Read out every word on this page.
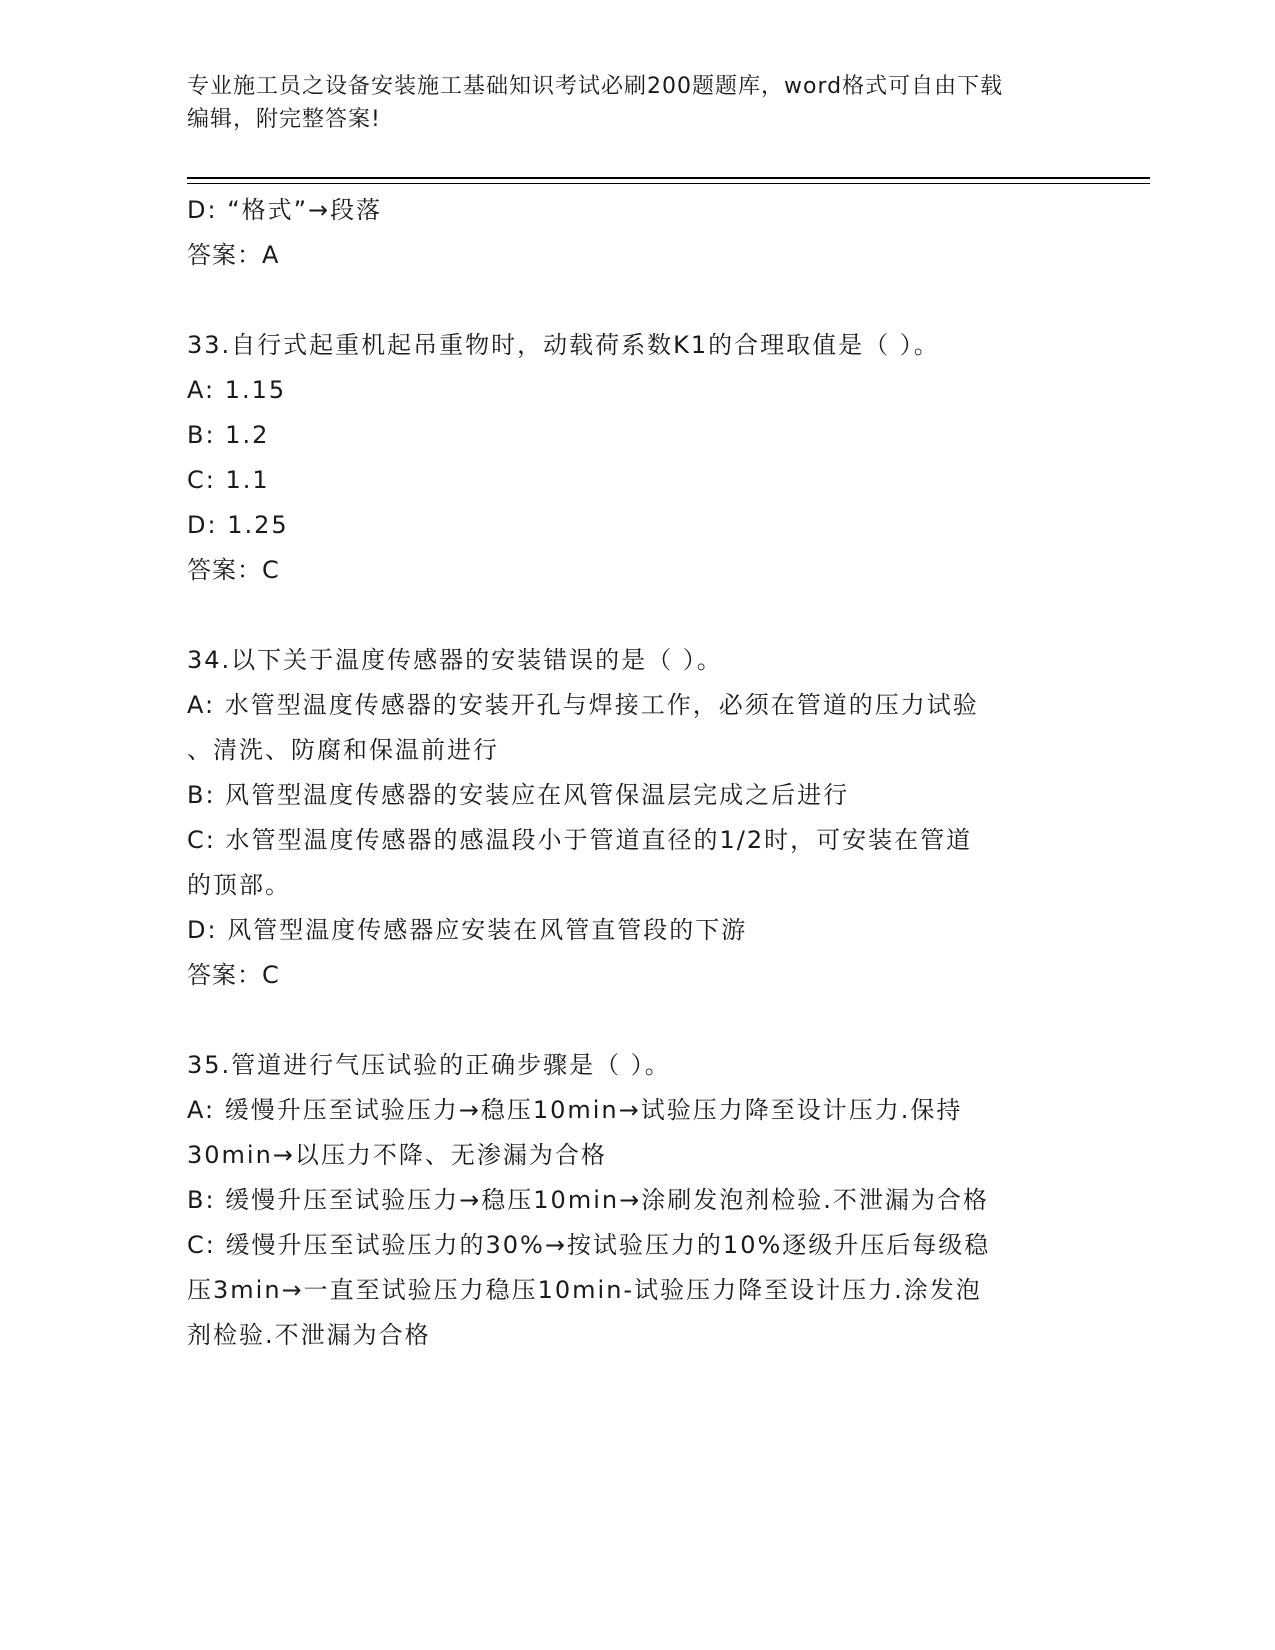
专业施工员之设备安装施工基础知识考试必刷200题题库，word格式可自由下载
编辑，附完整答案!
D: “格式”→段落
答案：A
33.自行式起重机起吊重物时，动载荷系数K1的合理取值是（ ）。
A: 1.15
B: 1.2
C: 1.1
D: 1.25
答案：C
34.以下关于温度传感器的安装错误的是（ ）。
A: 水管型温度传感器的安装开孔与焊接工作，必须在管道的压力试验
、清洗、防腐和保温前进行
B: 风管型温度传感器的安装应在风管保温层完成之后进行
C: 水管型温度传感器的感温段小于管道直径的1/2时，可安装在管道
的顶部。
D: 风管型温度传感器应安装在风管直管段的下游
答案：C
35.管道进行气压试验的正确步骤是（ ）。
A: 缓慢升压至试验压力→稳压10min→试验压力降至设计压力.保持
30min→以压力不降、无渗漏为合格
B: 缓慢升压至试验压力→稳压10min→涂刷发泡剂检验.不泄漏为合格
C: 缓慢升压至试验压力的30%→按试验压力的10%逐级升压后每级稳
压3min→一直至试验压力稳压10min-试验压力降至设计压力.涂发泡
剂检验.不泄漏为合格
